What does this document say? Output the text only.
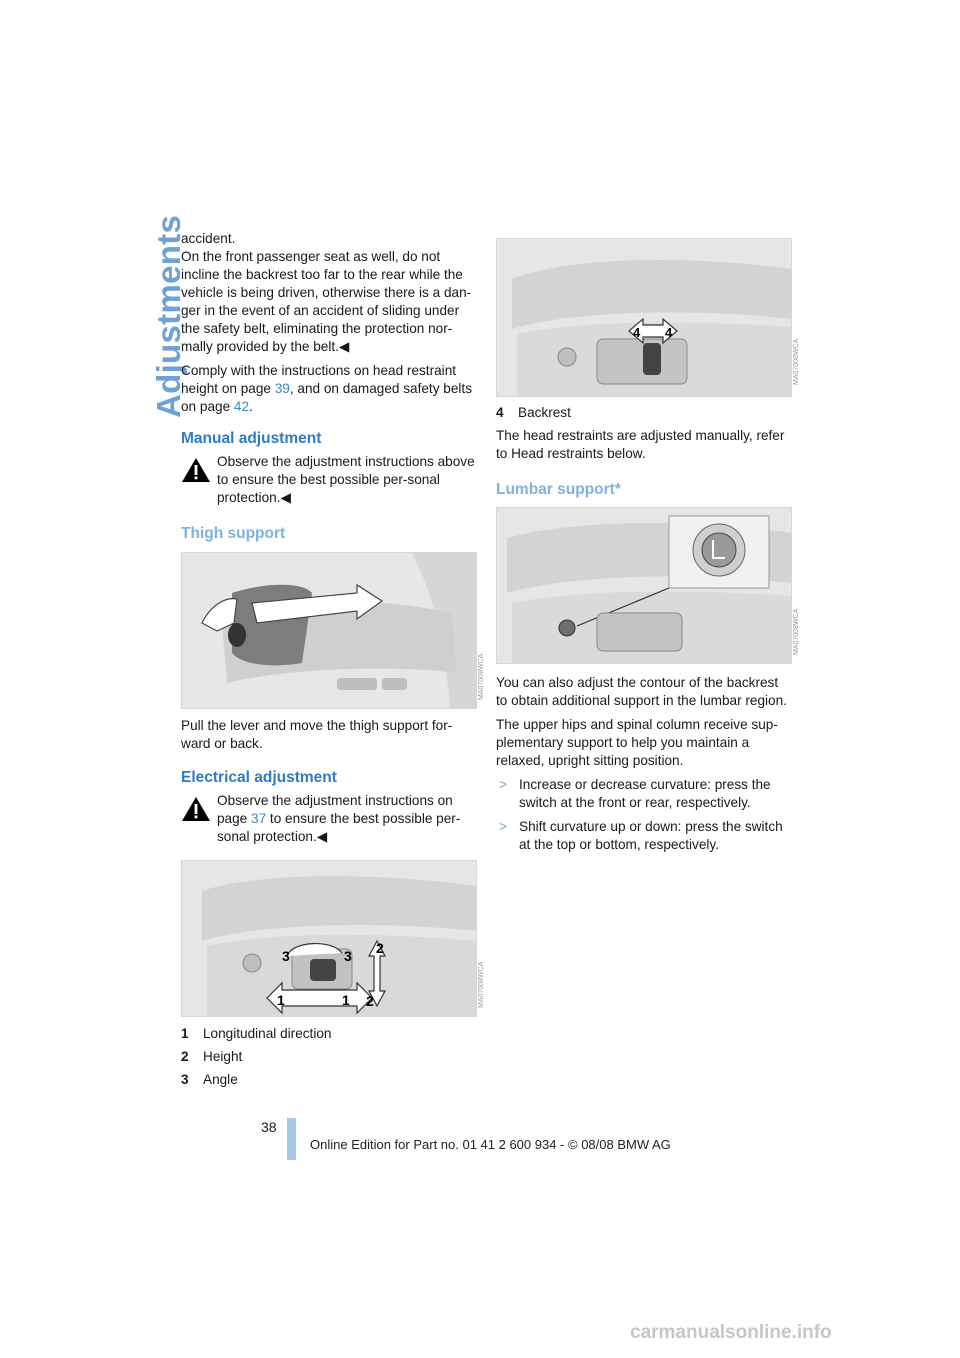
Adjustments

accident.

On the front passenger seat as well, do not incline the backrest too far to the rear while the vehicle is being driven, otherwise there is a dan-ger in the event of an accident of sliding under the safety belt, eliminating the protection nor-mally provided by the belt.◀

Comply with the instructions on head restraint height on page 39, and on damaged safety belts on page 42.

Manual adjustment
Observe the adjustment instructions above to ensure the best possible per-sonal protection.◀
Thigh support
MA07008WCA

Pull the lever and move the thigh support for-ward or back.

Electrical adjustment
Observe the adjustment instructions on page 37 to ensure the best possible per-sonal protection.◀
1	1
2
2
3	3
MA07008WCA
1 Longitudinal direction
2 Height
3 Angle
4 4
MA07008WCA

4 Backrest

The head restraints are adjusted manually, refer to Head restraints below.

Lumbar support*
MA07008WCA

You can also adjust the contour of the backrest to obtain additional support in the lumbar region.

The upper hips and spinal column receive sup-plementary support to help you maintain a relaxed, upright sitting position.

> Increase or decrease curvature: press the switch at the front or rear, respectively.
> Shift curvature up or down: press the switch at the top or bottom, respectively.
38
Online Edition for Part no. 01 41 2 600 934 - © 08/08 BMW AG
carmanualsonline.info
